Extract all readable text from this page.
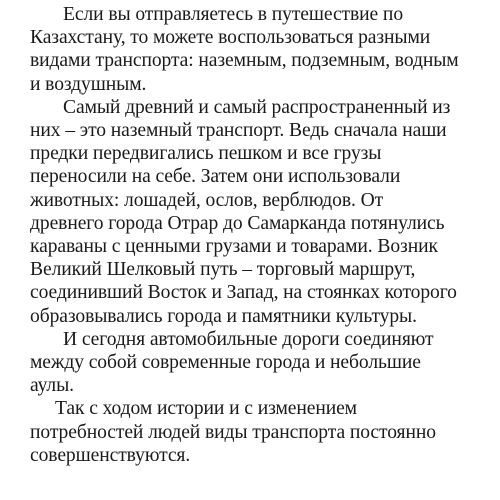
Если вы отправляетесь в путешествие по

Казахстану, то можете воспользоваться разными

видами транспорта: наземным, подземным, водным

и воздушным.

Самый древний и самый распространенный из

них – это наземный транспорт. Ведь сначала наши

предки передвигались пешком и все грузы

переносили на себе. Затем они использовали

животных: лошадей, ослов, верблюдов. От

древнего города Отрар до Самарканда потянулись

караваны с ценными грузами и товарами. Возник

Великий Шелковый путь – торговый маршрут,

соединивший Восток и Запад, на стоянках которого

образовывались города и памятники культуры.

И сегодня автомобильные дороги соединяют

между собой современные города и небольшие

аулы.

Так с ходом истории и с изменением

потребностей людей виды транспорта постоянно

совершенствуются.
